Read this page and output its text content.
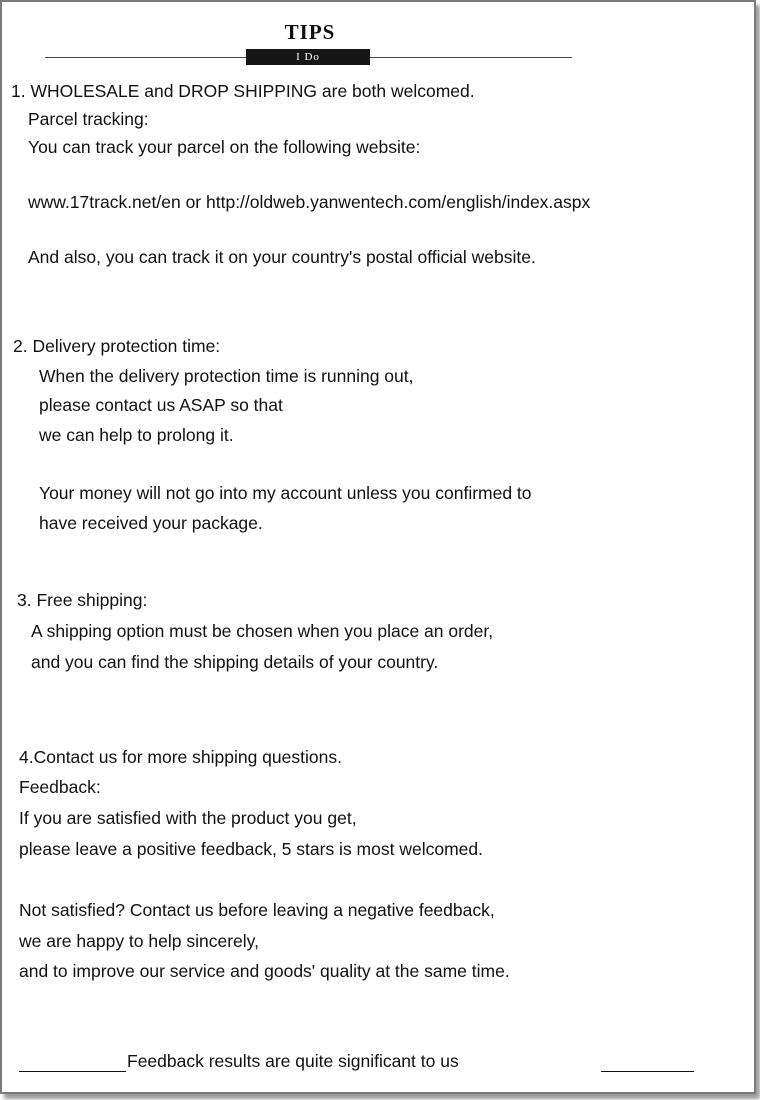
TIPS
I Do
1. WHOLESALE and DROP SHIPPING are both welcomed.
Parcel tracking:
You can track your parcel on the following website:
www.17track.net/en or http://oldweb.yanwentech.com/english/index.aspx
And also, you can track it on your country's postal official website.
2. Delivery protection time:
When the delivery protection time is running out,
please contact us ASAP so that
we can help to prolong it.
Your money will not go into my account unless you confirmed to
have received your package.
3. Free shipping:
A shipping option must be chosen when you place an order,
and you can find the shipping details of your country.
4.Contact us for more shipping questions.
Feedback:
If you are satisfied with the product you get,
please leave a positive feedback, 5 stars is most welcomed.
Not satisfied? Contact us before leaving a negative feedback,
we are happy to help sincerely,
and to improve our service and goods' quality at the same time.
Feedback results are quite significant to us
